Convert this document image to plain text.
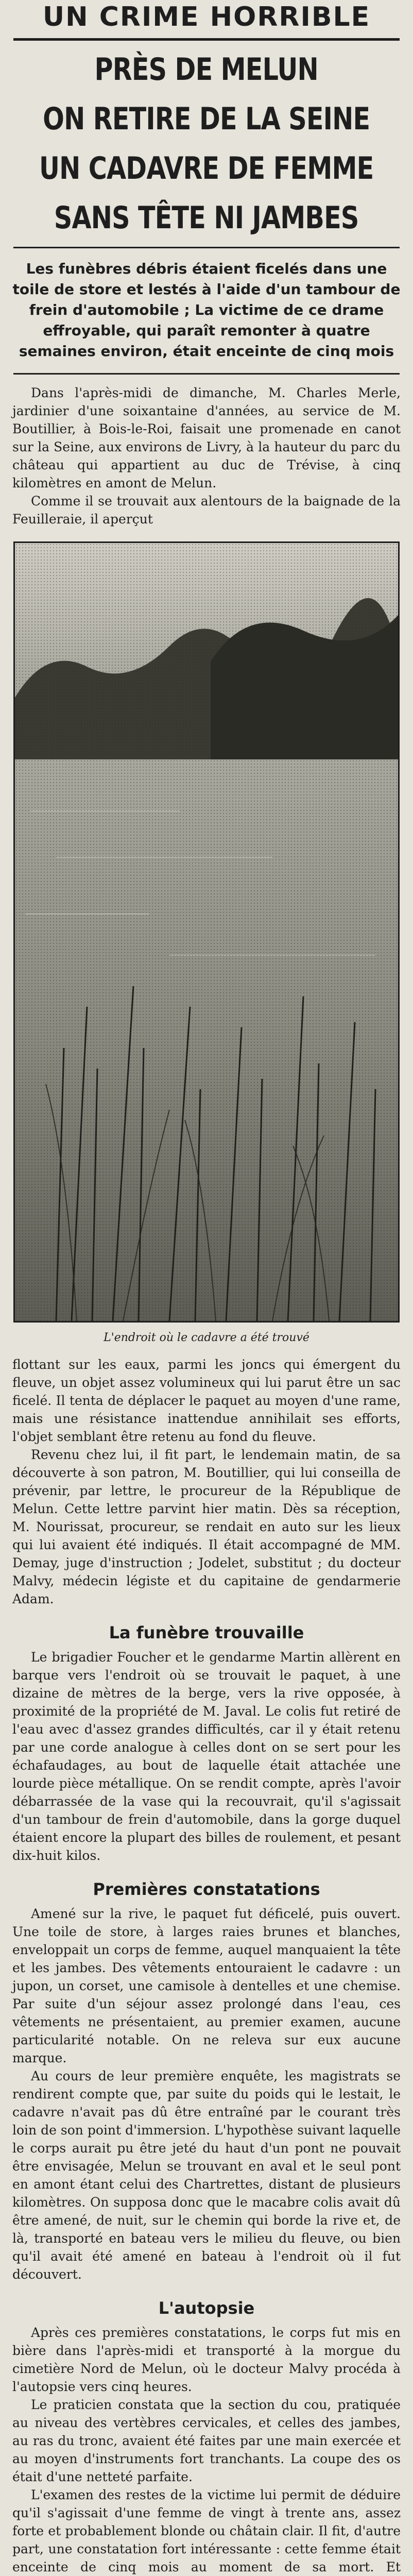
UN CRIME HORRIBLE
PRÈS DE MELUN
ON RETIRE DE LA SEINE
UN CADAVRE DE FEMME
SANS TÊTE NI JAMBES
Les funèbres débris étaient ficelés dans une toile de store et lestés à l'aide d'un tambour de frein d'automobile ; La victime de ce drame effroyable, qui paraît remonter à quatre semaines environ, était enceinte de cinq mois

Dans l'après-midi de dimanche, M. Charles Merle, jardinier d'une soixantaine d'années, au service de M. Boutillier, à Bois-le-Roi, faisait une promenade en canot sur la Seine, aux environs de Livry, à la hauteur du parc du château qui appartient au duc de Trévise, à cinq kilomètres en amont de Melun.

Comme il se trouvait aux alentours de la baignade de la Feuilleraie, il aperçut

L'endroit où le cadavre a été trouvé

flottant sur les eaux, parmi les joncs qui émergent du fleuve, un objet assez volumineux qui lui parut être un sac ficelé. Il tenta de déplacer le paquet au moyen d'une rame, mais une résistance inattendue annihilait ses efforts, l'objet semblant être retenu au fond du fleuve.

Revenu chez lui, il fit part, le lendemain matin, de sa découverte à son patron, M. Boutillier, qui lui conseilla de prévenir, par lettre, le procureur de la République de Melun. Cette lettre parvint hier matin. Dès sa réception, M. Nourissat, procureur, se rendait en auto sur les lieux qui lui avaient été indiqués. Il était accompagné de MM. Demay, juge d'instruction ; Jodelet, substitut ; du docteur Malvy, médecin légiste et du capitaine de gendarmerie Adam.

La funèbre trouvaille

Le brigadier Foucher et le gendarme Martin allèrent en barque vers l'endroit où se trouvait le paquet, à une dizaine de mètres de la berge, vers la rive opposée, à proximité de la propriété de M. Javal. Le colis fut retiré de l'eau avec d'assez grandes difficultés, car il y était retenu par une corde analogue à celles dont on se sert pour les échafaudages, au bout de laquelle était attachée une lourde pièce métallique. On se rendit compte, après l'avoir débarrassée de la vase qui la recouvrait, qu'il s'agissait d'un tambour de frein d'automobile, dans la gorge duquel étaient encore la plupart des billes de roulement, et pesant dix-huit kilos.

Premières constatations

Amené sur la rive, le paquet fut déficelé, puis ouvert. Une toile de store, à larges raies brunes et blanches, enveloppait un corps de femme, auquel manquaient la tête et les jambes. Des vêtements entouraient le cadavre : un jupon, un corset, une camisole à dentelles et une chemise. Par suite d'un séjour assez prolongé dans l'eau, ces vêtements ne présentaient, au premier examen, aucune particularité notable. On ne releva sur eux aucune marque.

Au cours de leur première enquête, les magistrats se rendirent compte que, par suite du poids qui le lestait, le cadavre n'avait pas dû être entraîné par le courant très loin de son point d'immersion. L'hypothèse suivant laquelle le corps aurait pu être jeté du haut d'un pont ne pouvait être envisagée, Melun se trouvant en aval et le seul pont en amont étant celui des Chartrettes, distant de plusieurs kilomètres. On supposa donc que le macabre colis avait dû être amené, de nuit, sur le chemin qui borde la rive et, de là, transporté en bateau vers le milieu du fleuve, ou bien qu'il avait été amené en bateau à l'endroit où il fut découvert.

L'autopsie

Après ces premières constatations, le corps fut mis en bière dans l'après-midi et transporté à la morgue du cimetière Nord de Melun, où le docteur Malvy procéda à l'autopsie vers cinq heures.

Le praticien constata que la section du cou, pratiquée au niveau des vertèbres cervicales, et celles des jambes, au ras du tronc, avaient été faites par une main exercée et au moyen d'instruments fort tranchants. La coupe des os était d'une netteté parfaite.

L'examen des restes de la victime lui permit de déduire qu'il s'agissait d'une femme de vingt à trente ans, assez forte et probablement blonde ou châtain clair. Il fit, d'autre part, une constatation fort intéressante : cette femme était enceinte de cinq mois au moment de sa mort. Et
